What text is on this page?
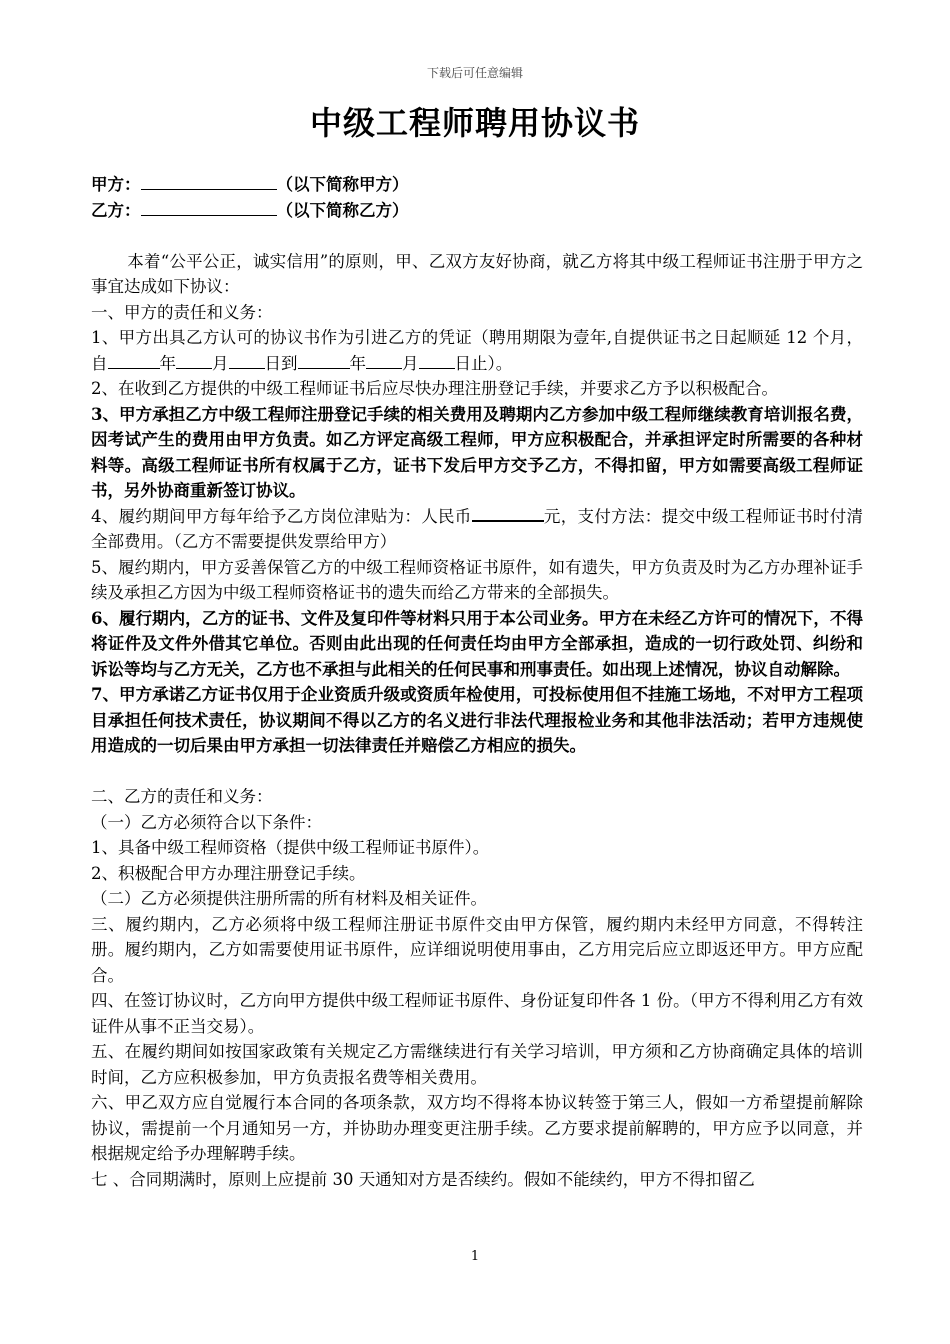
下载后可任意编辑
中级工程师聘用协议书

甲方：	（以下简称甲方）

乙方：	（以下简称乙方）

本着“公平公正，诚实信用”的原则，甲、乙双方友好协商，就乙方将其中级工程师证书注册于甲方之事宜达成如下协议：

一、甲方的责任和义务：

1、甲方出具乙方认可的协议书作为引进乙方的凭证（聘用期限为壹年,自提供证书之日起顺延 12 个月，自	年 月 日到	年 月 日止）。

2、在收到乙方提供的中级工程师证书后应尽快办理注册登记手续，并要求乙方予以积极配合。

3、甲方承担乙方中级工程师注册登记手续的相关费用及聘期内乙方参加中级工程师继续教育培训报名费，因考试产生的费用由甲方负责。如乙方评定高级工程师，甲方应积极配合，并承担评定时所需要的各种材料等。高级工程师证书所有权属于乙方，证书下发后甲方交予乙方，不得扣留，甲方如需要高级工程师证书，另外协商重新签订协议。

4、履约期间甲方每年给予乙方岗位津贴为：人民币	元，支付方法：提交中级工程师证书时付清全部费用。（乙方不需要提供发票给甲方）

5、履约期内，甲方妥善保管乙方的中级工程师资格证书原件，如有遗失，甲方负责及时为乙方办理补证手续及承担乙方因为中级工程师资格证书的遗失而给乙方带来的全部损失。

6、履行期内，乙方的证书、文件及复印件等材料只用于本公司业务。甲方在未经乙方许可的情况下，不得将证件及文件外借其它单位。否则由此出现的任何责任均由甲方全部承担，造成的一切行政处罚、纠纷和诉讼等均与乙方无关，乙方也不承担与此相关的任何民事和刑事责任。如出现上述情况，协议自动解除。

7、甲方承诺乙方证书仅用于企业资质升级或资质年检使用，可投标使用但不挂施工场地，不对甲方工程项目承担任何技术责任，协议期间不得以乙方的名义进行非法代理报检业务和其他非法活动；若甲方违规使用造成的一切后果由甲方承担一切法律责任并赔偿乙方相应的损失。

二、乙方的责任和义务：

（一）乙方必须符合以下条件：

1、具备中级工程师资格（提供中级工程师证书原件）。

2、积极配合甲方办理注册登记手续。

（二）乙方必须提供注册所需的所有材料及相关证件。

三、履约期内，乙方必须将中级工程师注册证书原件交由甲方保管，履约期内未经甲方同意，不得转注册。履约期内，乙方如需要使用证书原件，应详细说明使用事由，乙方用完后应立即返还甲方。甲方应配合。

四、在签订协议时，乙方向甲方提供中级工程师证书原件、身份证复印件各 1 份。（甲方不得利用乙方有效证件从事不正当交易）。

五、在履约期间如按国家政策有关规定乙方需继续进行有关学习培训，甲方须和乙方协商确定具体的培训时间，乙方应积极参加，甲方负责报名费等相关费用。

六、甲乙双方应自觉履行本合同的各项条款，双方均不得将本协议转签于第三人，假如一方希望提前解除协议，需提前一个月通知另一方，并协助办理变更注册手续。乙方要求提前解聘的，甲方应予以同意，并根据规定给予办理解聘手续。

七 、合同期满时，原则上应提前 30 天通知对方是否续约。假如不能续约，甲方不得扣留乙

1
